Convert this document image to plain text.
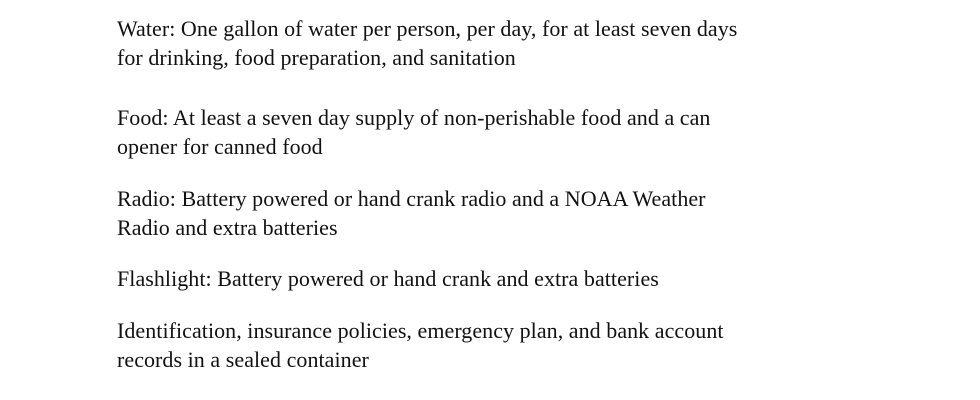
Water: One gallon of water per person, per day, for at least seven days
for drinking, food preparation, and sanitation

Food: At least a seven day supply of non-perishable food and a can
opener for canned food

Radio: Battery powered or hand crank radio and a NOAA Weather
Radio and extra batteries

Flashlight: Battery powered or hand crank and extra batteries

Identification, insurance policies, emergency plan, and bank account
records in a sealed container
